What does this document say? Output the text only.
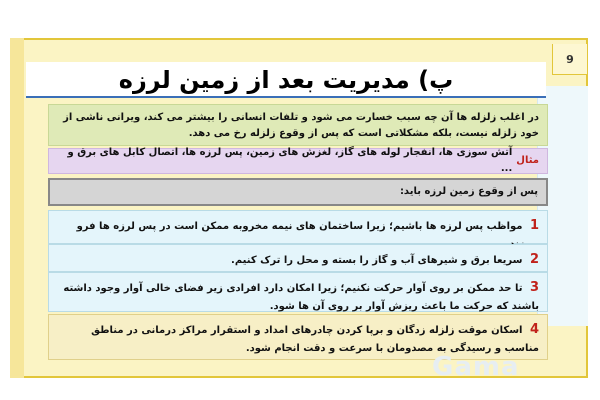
9
پ) مدیریت بعد از زمین لرزه
در اغلب زلزله ها آن چه سبب خسارت می شود و تلفات انسانی را بیشتر می کند، ویرانی ناشی از خود زلزله نیست، بلکه مشکلاتی است که پس از وقوع زلزله رخ می دهد.
مثال
آتش سوزی ها، انفجار لوله های گاز، لغزش های زمین، پس لرزه ها، اتصال کابل های برق و ...
پس از وقوع زمین لرزه باید:
1 مواظب پس لرزه ها باشیم؛ زیرا ساختمان های نیمه مخروبه ممکن است در پس لرزه ها فرو
2 سریعا برق و شیرهای آب و گاز را بسته و محل را ترک کنیم.
3 تا حد ممکن بر روی آوار حرکت نکنیم؛ زیرا امکان دارد افرادی زیر فضای خالی آوار وجود داشته باشند که حرکت ما باعث ریزش آوار بر روی آن ها شود.
4 اسکان موقت زلزله زدگان و برپا کردن چادرهای امداد و استقرار مراکز درمانی در مناطق مناسب و رسیدگی به مصدومان با سرعت و دقت انجام شود.
Gama
